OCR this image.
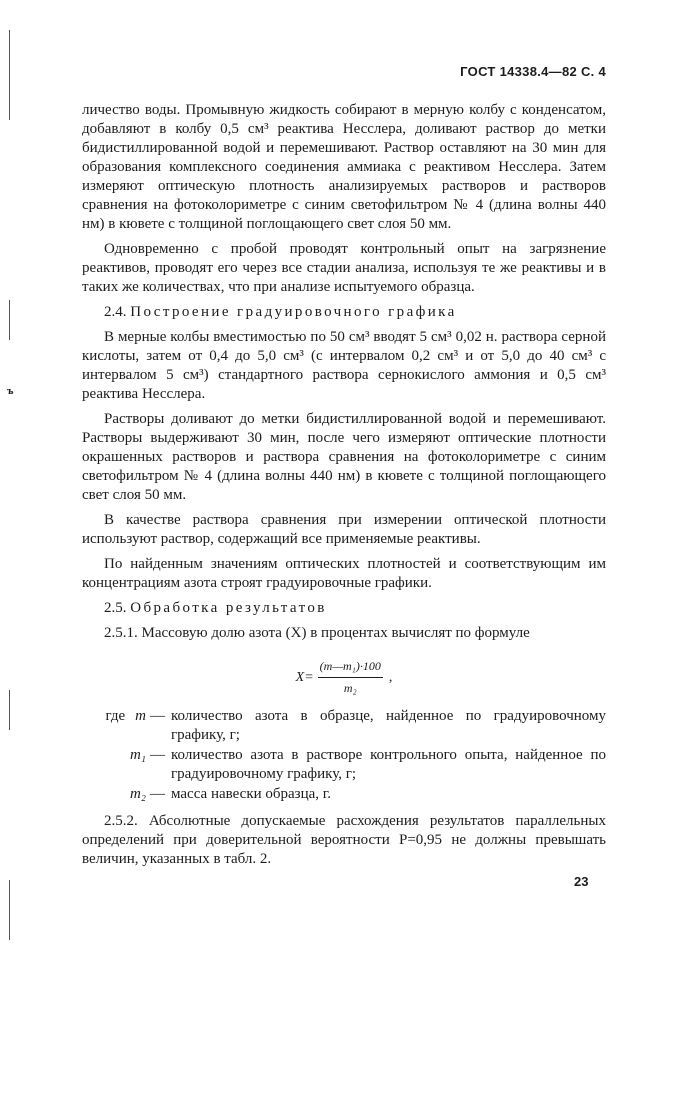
ъ
ГОСТ 14338.4—82 С. 4

личество воды. Промывную жидкость собирают в мерную колбу с конденсатом, добавляют в колбу 0,5 см³ реактива Несслера, доливают раствор до метки бидистиллированной водой и перемешивают. Раствор оставляют на 30 мин для образования комплексного соединения аммиака с реактивом Несслера. Затем измеряют оптическую плотность анализируемых растворов и растворов сравнения на фотоколориметре с синим светофильтром № 4 (длина волны 440 нм) в кювете с толщиной поглощающего свет слоя 50 мм.

Одновременно с пробой проводят контрольный опыт на загрязнение реактивов, проводят его через все стадии анализа, используя те же реактивы и в таких же количествах, что при анализе испытуемого образца.

2.4. Построение градуировочного графика

В мерные колбы вместимостью по 50 см³ вводят 5 см³ 0,02 н. раствора серной кислоты, затем от 0,4 до 5,0 см³ (с интервалом 0,2 см³ и от 5,0 до 40 см³ с интервалом 5 см³) стандартного раствора сернокислого аммония и 0,5 см³ реактива Несслера.

Растворы доливают до метки бидистиллированной водой и перемешивают. Растворы выдерживают 30 мин, после чего измеряют оптические плотности окрашенных растворов и раствора сравнения на фотоколориметре с синим светофильтром № 4 (длина волны 440 нм) в кювете с толщиной поглощающего свет слоя 50 мм.

В качестве раствора сравнения при измерении оптической плотности используют раствор, содержащий все применяемые реактивы.

По найденным значениям оптических плотностей и соответствующим им концентрациям азота строят градуировочные графики.

2.5. Обработка результатов

2.5.1. Массовую долю азота (X) в процентах вычислят по формуле

$X= \frac{\text{(m—m₁)·100}}{\text{m₂}}$ ,
где m — количество азота в образце, найденное по градуировочному графику, г;
m₁ — количество азота в растворе контрольного опыта, найденное по градуировочному графику, г;
m₂ — масса навески образца, г.

2.5.2. Абсолютные допускаемые расхождения результатов параллельных определений при доверительной вероятности P=0,95 не должны превышать величин, указанных в табл. 2.

23
